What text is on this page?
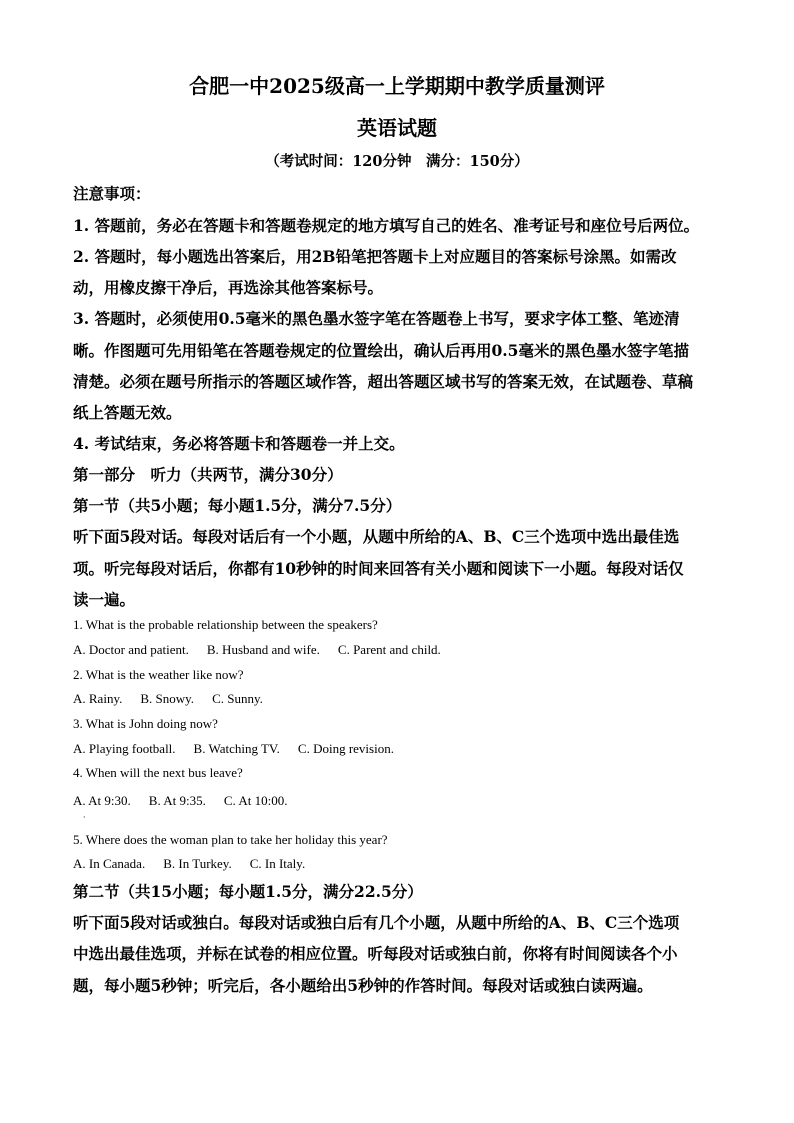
合肥一中2025级高一上学期期中教学质量测评
英语试题
（考试时间：120分钟　满分：150分）
注意事项：
1. 答题前，务必在答题卡和答题卷规定的地方填写自己的姓名、准考证号和座位号后两位。
2. 答题时，每小题选出答案后，用2B铅笔把答题卡上对应题目的答案标号涂黑。如需改
动，用橡皮擦干净后，再选涂其他答案标号。
3. 答题时，必须使用0.5毫米的黑色墨水签字笔在答题卷上书写，要求字体工整、笔迹清
晰。作图题可先用铅笔在答题卷规定的位置绘出，确认后再用0.5毫米的黑色墨水签字笔描
清楚。必须在题号所指示的答题区域作答，超出答题区域书写的答案无效，在试题卷、草稿
纸上答题无效。
4. 考试结束，务必将答题卡和答题卷一并上交。
第一部分　听力（共两节，满分30分）
第一节（共5小题；每小题1.5分，满分7.5分）
听下面5段对话。每段对话后有一个小题，从题中所给的A、B、C三个选项中选出最佳选
项。听完每段对话后，你都有10秒钟的时间来回答有关小题和阅读下一小题。每段对话仅
读一遍。
1. What is the probable relationship between the speakers?
A. Doctor and patient. B. Husband and wife. C. Parent and child.
2. What is the weather like now?
A. Rainy. B. Snowy. C. Sunny.
3. What is John doing now?
A. Playing football. B. Watching TV. C. Doing revision.
4. When will the next bus leave?
A. At 9:30. B. At 9:35. C. At 10:00.
·
5. Where does the woman plan to take her holiday this year?
A. In Canada. B. In Turkey. C. In Italy.
第二节（共15小题；每小题1.5分，满分22.5分）
听下面5段对话或独白。每段对话或独白后有几个小题，从题中所给的A、B、C三个选项
中选出最佳选项，并标在试卷的相应位置。听每段对话或独白前，你将有时间阅读各个小
题，每小题5秒钟；听完后，各小题给出5秒钟的作答时间。每段对话或独白读两遍。
